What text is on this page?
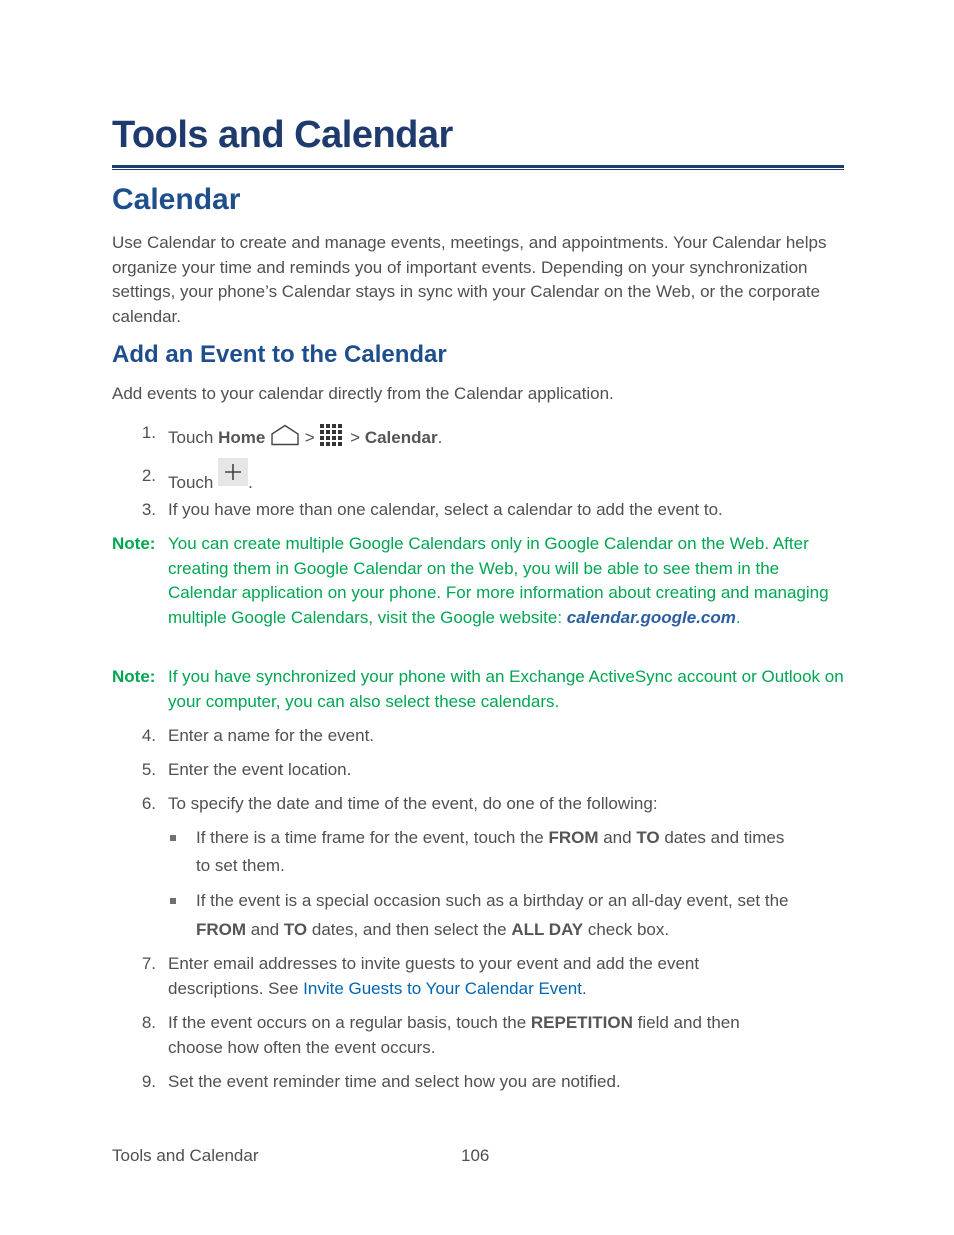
Tools and Calendar
Calendar
Use Calendar to create and manage events, meetings, and appointments. Your Calendar helps organize your time and reminds you of important events. Depending on your synchronization settings, your phone’s Calendar stays in sync with your Calendar on the Web, or the corporate calendar.
Add an Event to the Calendar
Add events to your calendar directly from the Calendar application.
1. Touch Home  >  > Calendar.
2. Touch
.
3. If you have more than one calendar, select a calendar to add the event to.
Note: You can create multiple Google Calendars only in Google Calendar on the Web. After creating them in Google Calendar on the Web, you will be able to see them in the Calendar application on your phone. For more information about creating and managing multiple Google Calendars, visit the Google website: calendar.google.com.
Note: If you have synchronized your phone with an Exchange ActiveSync account or Outlook on your computer, you can also select these calendars.
4. Enter a name for the event.
5. Enter the event location.
6. To specify the date and time of the event, do one of the following:
If there is a time frame for the event, touch the FROM and TO dates and times
to set them.
If the event is a special occasion such as a birthday or an all-day event, set the
FROM and TO dates, and then select the ALL DAY check box.
7. Enter email addresses to invite guests to your event and add the event
descriptions. See Invite Guests to Your Calendar Event.
8. If the event occurs on a regular basis, touch the REPETITION field and then
choose how often the event occurs.
9. Set the event reminder time and select how you are notified.
Tools and Calendar	106
